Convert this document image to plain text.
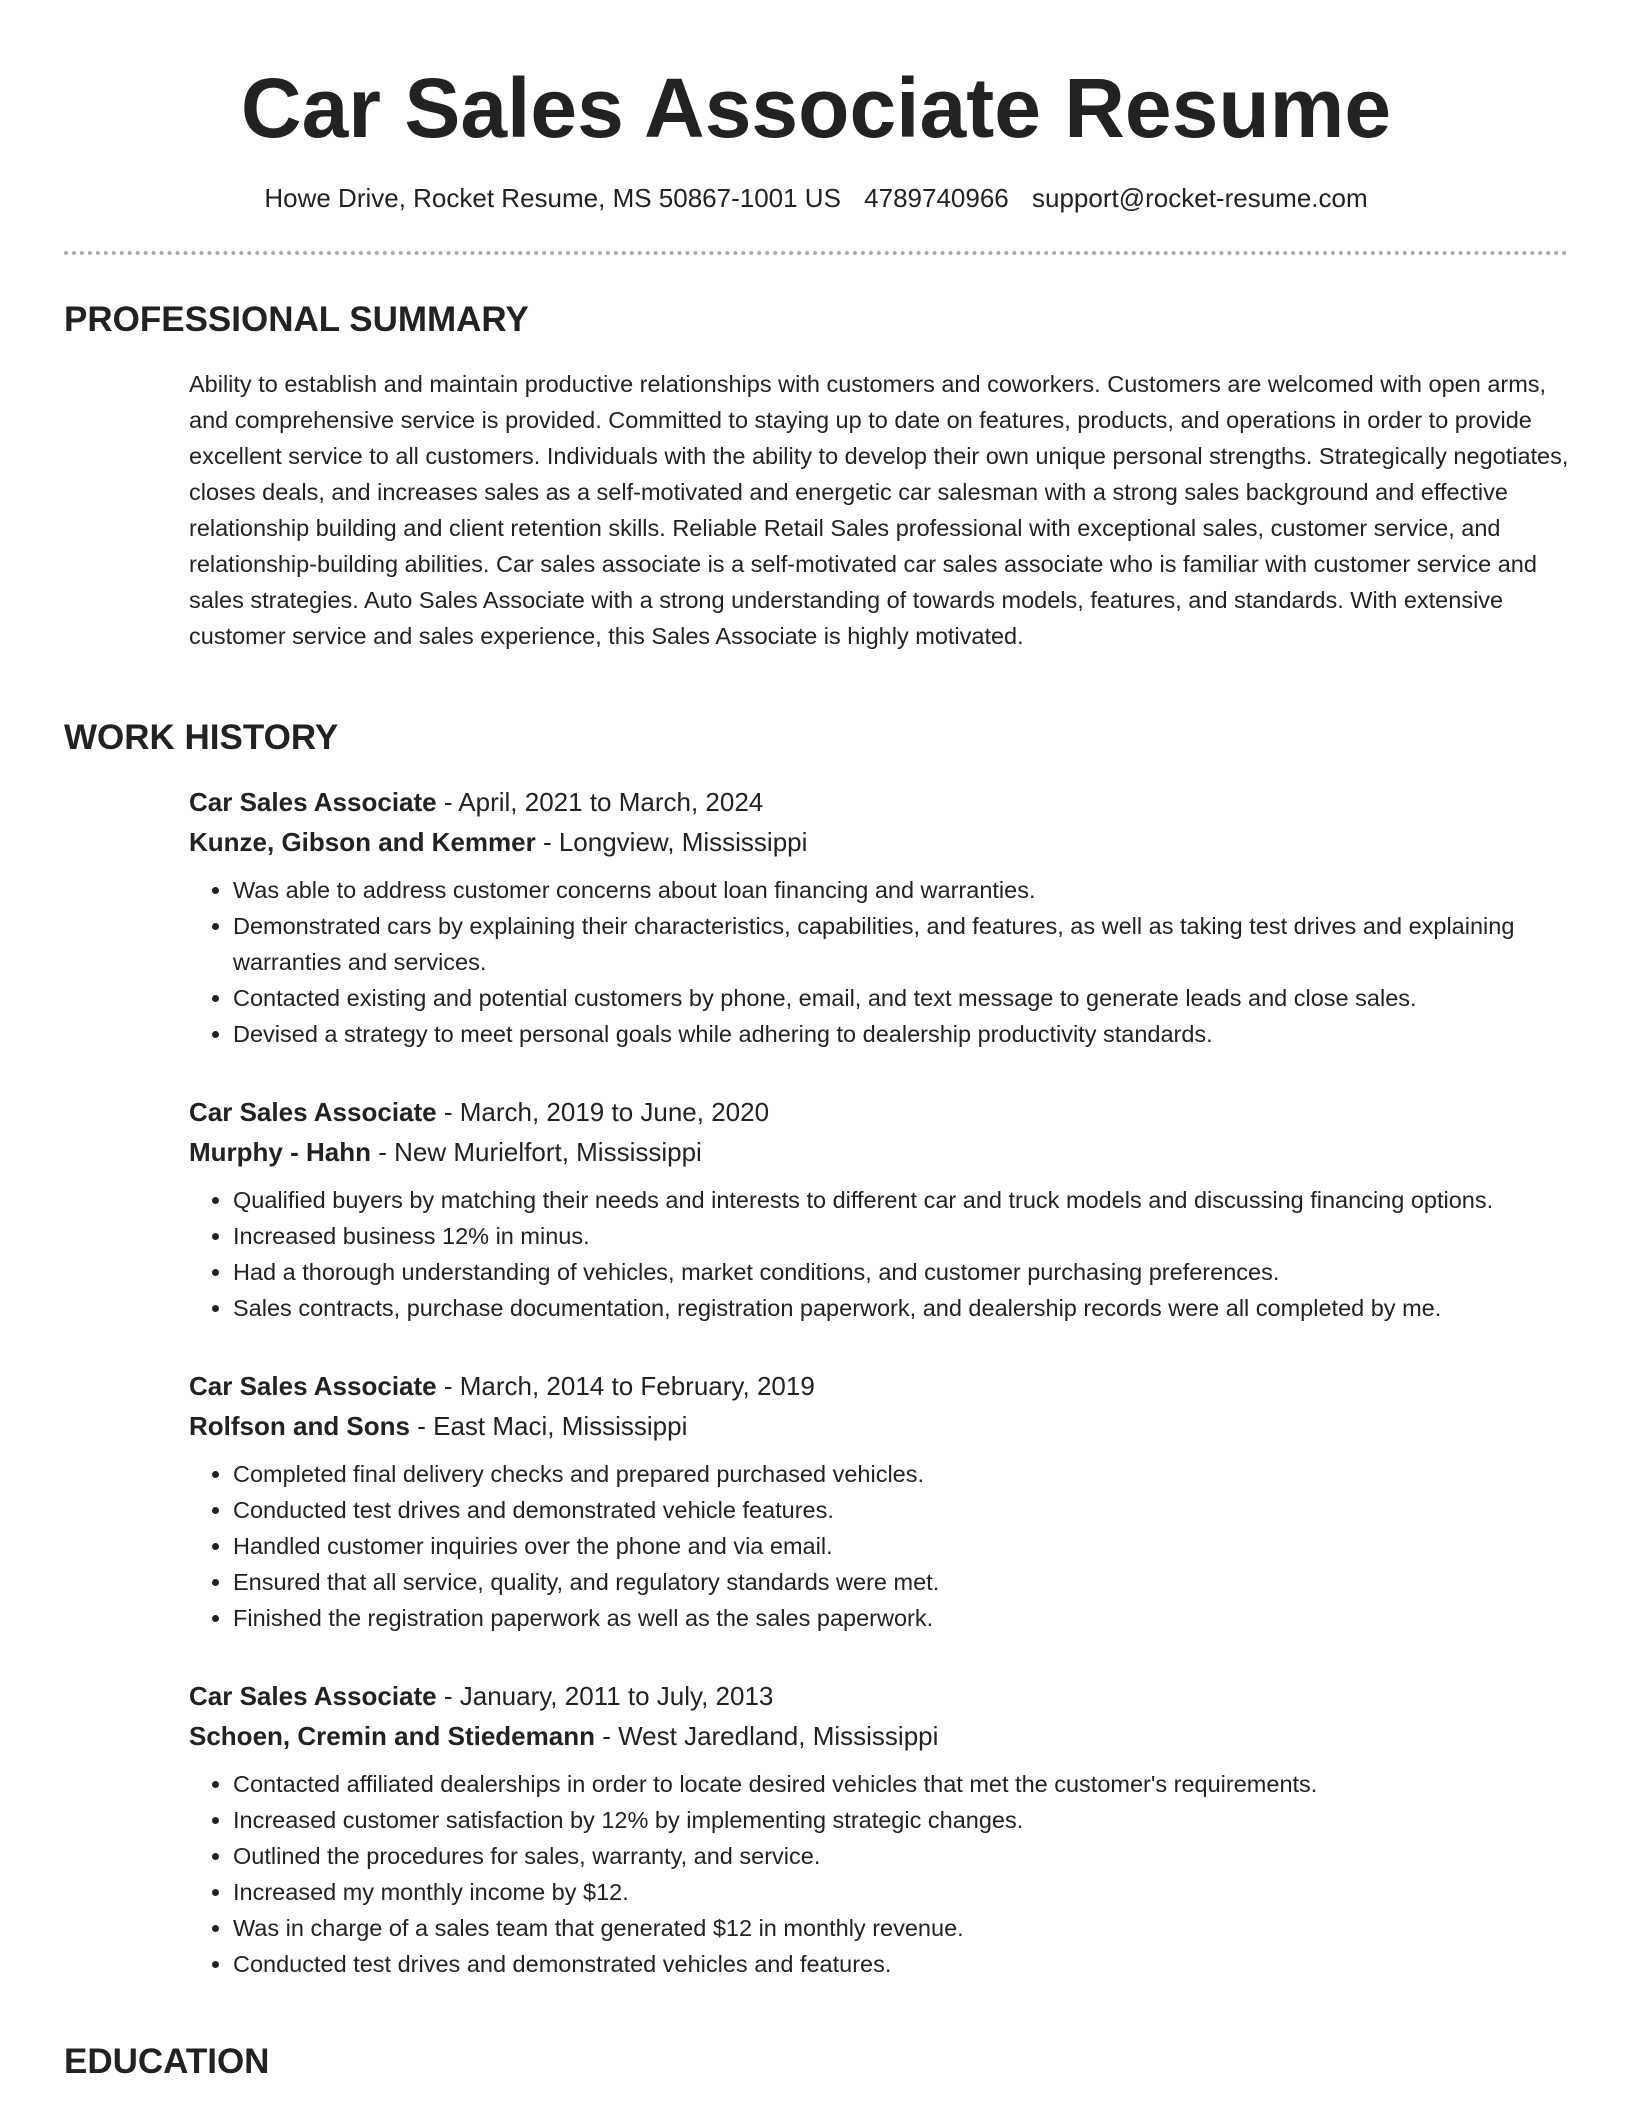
Car Sales Associate Resume
Howe Drive, Rocket Resume, MS 50867-1001 US 4789740966 support@rocket-resume.com
PROFESSIONAL SUMMARY

Ability to establish and maintain productive relationships with customers and coworkers. Customers are welcomed with open arms, and comprehensive service is provided. Committed to staying up to date on features, products, and operations in order to provide excellent service to all customers. Individuals with the ability to develop their own unique personal strengths. Strategically negotiates, closes deals, and increases sales as a self-motivated and energetic car salesman with a strong sales background and effective relationship building and client retention skills. Reliable Retail Sales professional with exceptional sales, customer service, and relationship-building abilities. Car sales associate is a self-motivated car sales associate who is familiar with customer service and sales strategies. Auto Sales Associate with a strong understanding of towards models, features, and standards. With extensive customer service and sales experience, this Sales Associate is highly motivated.

WORK HISTORY
Car Sales Associate - April, 2021 to March, 2024
Kunze, Gibson and Kemmer - Longview, Mississippi
• Was able to address customer concerns about loan financing and warranties.
• Demonstrated cars by explaining their characteristics, capabilities, and features, as well as taking test drives and explaining warranties and services.
• Contacted existing and potential customers by phone, email, and text message to generate leads and close sales.
• Devised a strategy to meet personal goals while adhering to dealership productivity standards.
Car Sales Associate - March, 2019 to June, 2020
Murphy - Hahn - New Murielfort, Mississippi
• Qualified buyers by matching their needs and interests to different car and truck models and discussing financing options.
• Increased business 12% in minus.
• Had a thorough understanding of vehicles, market conditions, and customer purchasing preferences.
• Sales contracts, purchase documentation, registration paperwork, and dealership records were all completed by me.
Car Sales Associate - March, 2014 to February, 2019
Rolfson and Sons - East Maci, Mississippi
• Completed final delivery checks and prepared purchased vehicles.
• Conducted test drives and demonstrated vehicle features.
• Handled customer inquiries over the phone and via email.
• Ensured that all service, quality, and regulatory standards were met.
• Finished the registration paperwork as well as the sales paperwork.
Car Sales Associate - January, 2011 to July, 2013
Schoen, Cremin and Stiedemann - West Jaredland, Mississippi
• Contacted affiliated dealerships in order to locate desired vehicles that met the customer's requirements.
• Increased customer satisfaction by 12% by implementing strategic changes.
• Outlined the procedures for sales, warranty, and service.
• Increased my monthly income by $12.
• Was in charge of a sales team that generated $12 in monthly revenue.
• Conducted test drives and demonstrated vehicles and features.
EDUCATION
